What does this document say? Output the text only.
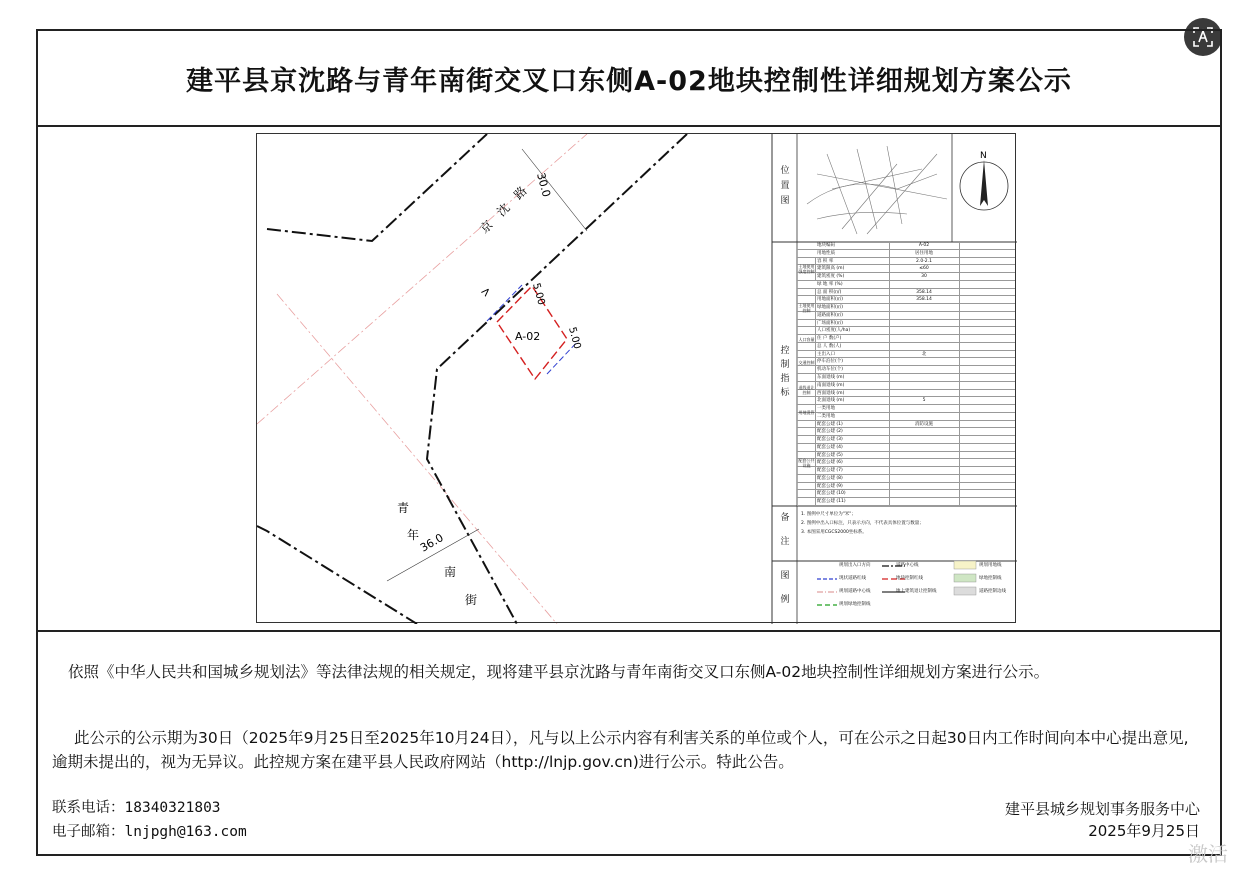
建平县京沈路与青年南街交叉口东侧A-02地块控制性详细规划方案公示
>
30.0
京　沈　路
青
年
南
街
36.0
5.00
5.00
A-02
N
位
置
图
控
制
指
标
备

注
图

例
地块编码	A-02
用地性质	居住用地
容 积 率	2.0-2.1
建筑限高 (m)	≤60
建筑密度 (%)	30
绿 地 率 (%)
总 面 积(㎡)	358.14
用地面积(㎡)	358.14
绿地面积(㎡)
道路面积(㎡)
广场面积(㎡)
人口密度(人/ha)
住 户 数(户)
总 人 数(人)
主出入口	北
停车泊位(个)
机动车位(个)
东面退线 (m)
南面退线 (m)
西面退线 (m)
北面退线 (m)	5
一类用地
二类用地
配套公建 (1)	消防设施
配套公建 (2)
配套公建 (3)
配套公建 (4)
配套公建 (5)
配套公建 (6)
配套公建 (7)
配套公建 (8)
配套公建 (9)
配套公建 (10)
配套公建 (11)
土地使用强度控制
土地使用控制
人口容量
交通控制
退线退让控制
用地混管
配套公共设施
1. 图例中尺寸单位为"米"；
2. 图例中出入口标注，只表示方向，不代表具体位置与数量；
3. 本图采用CGCS2000坐标系。
规划出入口方向	道路中心线	规划用地线
现状道路红线	地块控制红线	绿地控制线
规划道路中心线	地上建筑退让控制线	道路控制边线
规划绿地控制线
依照《中华人民共和国城乡规划法》等法律法规的相关规定，现将建平县京沈路与青年南街交叉口东侧A-02地块控制性详细规划方案进行公示。
此公示的公示期为30日（2025年9月25日至2025年10月24日），凡与以上公示内容有利害关系的单位或个人，可在公示之日起30日内工作时间向本中心提出意见,逾期未提出的，视为无异议。此控规方案在建平县人民政府网站（http://lnjp.gov.cn)进行公示。特此公告。
联系电话：18340321803
电子邮箱：lnjpgh@163.com
建平县城乡规划事务服务中心
2025年9月25日
激活
